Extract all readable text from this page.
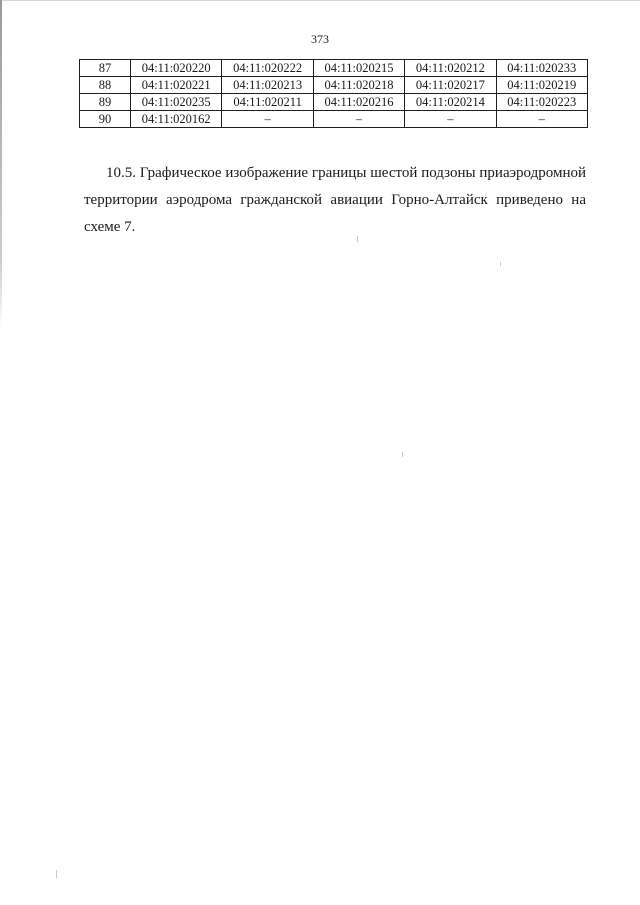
373
87	04:11:020220	04:11:020222	04:11:020215	04:11:020212	04:11:020233
88	04:11:020221	04:11:020213	04:11:020218	04:11:020217	04:11:020219
89	04:11:020235	04:11:020211	04:11:020216	04:11:020214	04:11:020223
90	04:11:020162	–	–	–	–

10.5. Графическое изображение границы шестой подзоны приаэродромной территории аэродрома гражданской авиации Горно-Алтайск приведено на схеме 7.
